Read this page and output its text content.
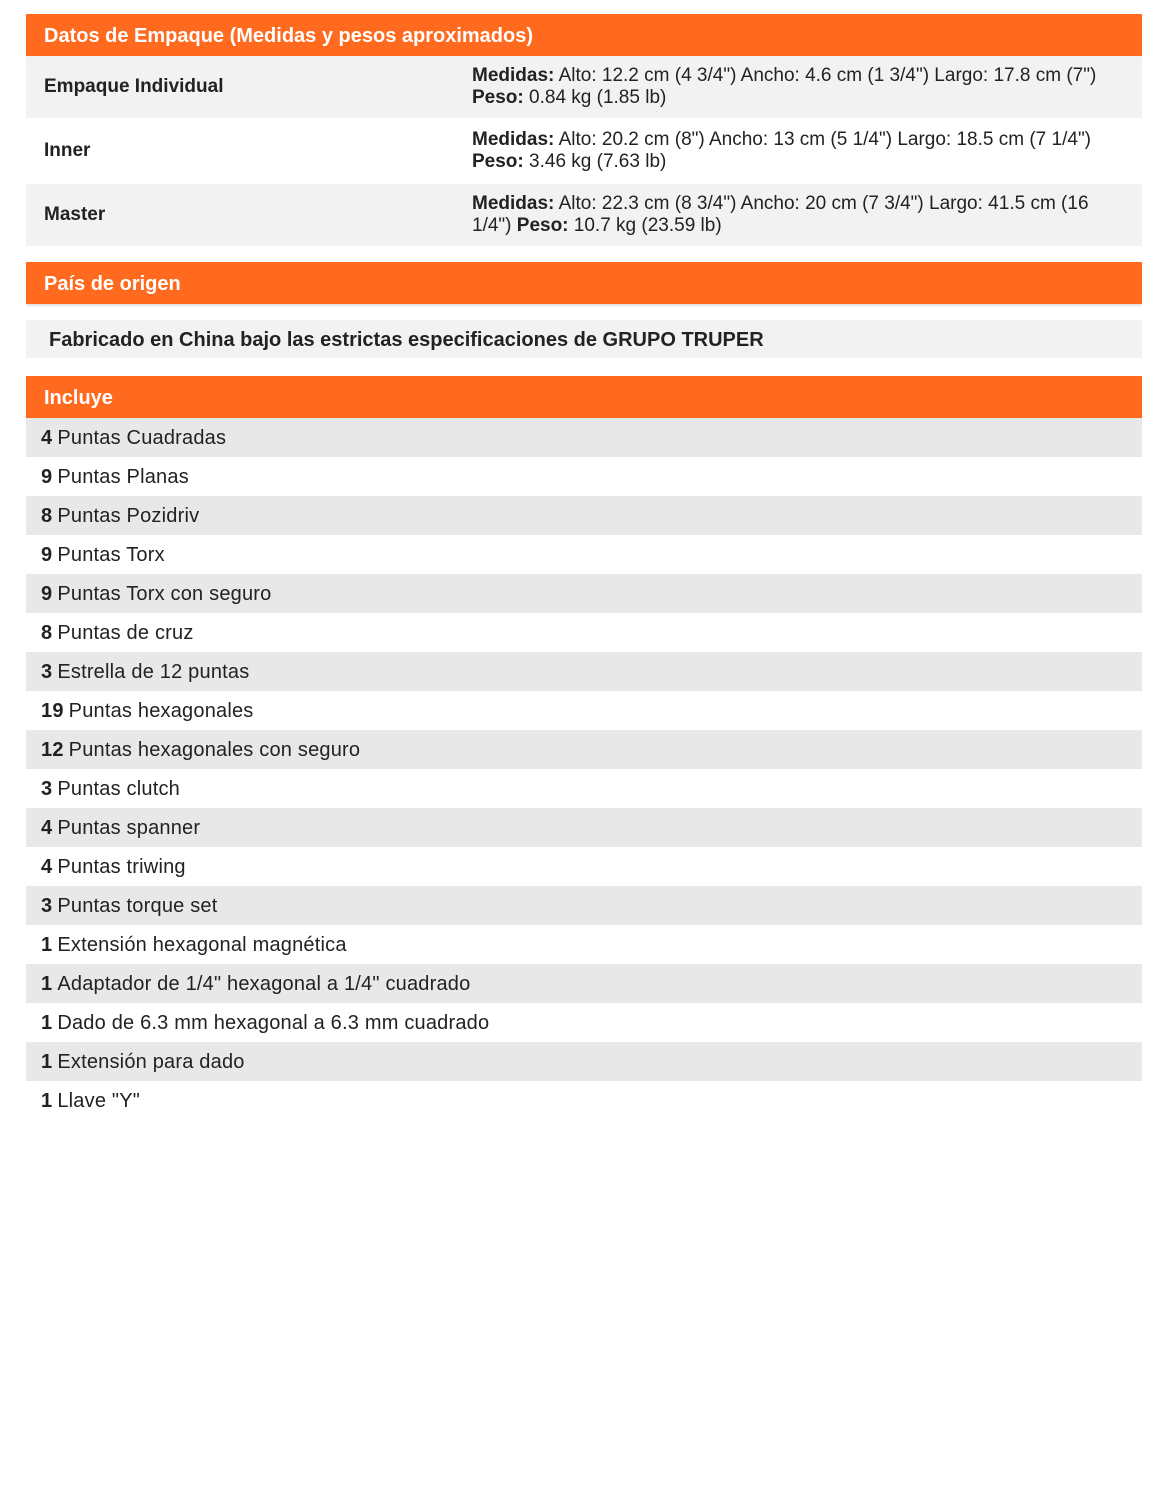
Datos de Empaque (Medidas y pesos aproximados)
Empaque Individual
Medidas: Alto: 12.2 cm (4 3/4") Ancho: 4.6 cm (1 3/4") Largo: 17.8 cm (7")
Peso: 0.84 kg (1.85 lb)
Inner
Medidas: Alto: 20.2 cm (8") Ancho: 13 cm (5 1/4") Largo: 18.5 cm (7 1/4")
Peso: 3.46 kg (7.63 lb)
Master
Medidas: Alto: 22.3 cm (8 3/4") Ancho: 20 cm (7 3/4") Largo: 41.5 cm (16 1/4") Peso: 10.7 kg (23.59 lb)
País de origen
Fabricado en China bajo las estrictas especificaciones de GRUPO TRUPER
Incluye
4 Puntas Cuadradas
9 Puntas Planas
8 Puntas Pozidriv
9 Puntas Torx
9 Puntas Torx con seguro
8 Puntas de cruz
3 Estrella de 12 puntas
19 Puntas hexagonales
12 Puntas hexagonales con seguro
3 Puntas clutch
4 Puntas spanner
4 Puntas triwing
3 Puntas torque set
1 Extensión hexagonal magnética
1 Adaptador de 1/4" hexagonal a 1/4" cuadrado
1 Dado de 6.3 mm hexagonal a 6.3 mm cuadrado
1 Extensión para dado
1 Llave "Y"
